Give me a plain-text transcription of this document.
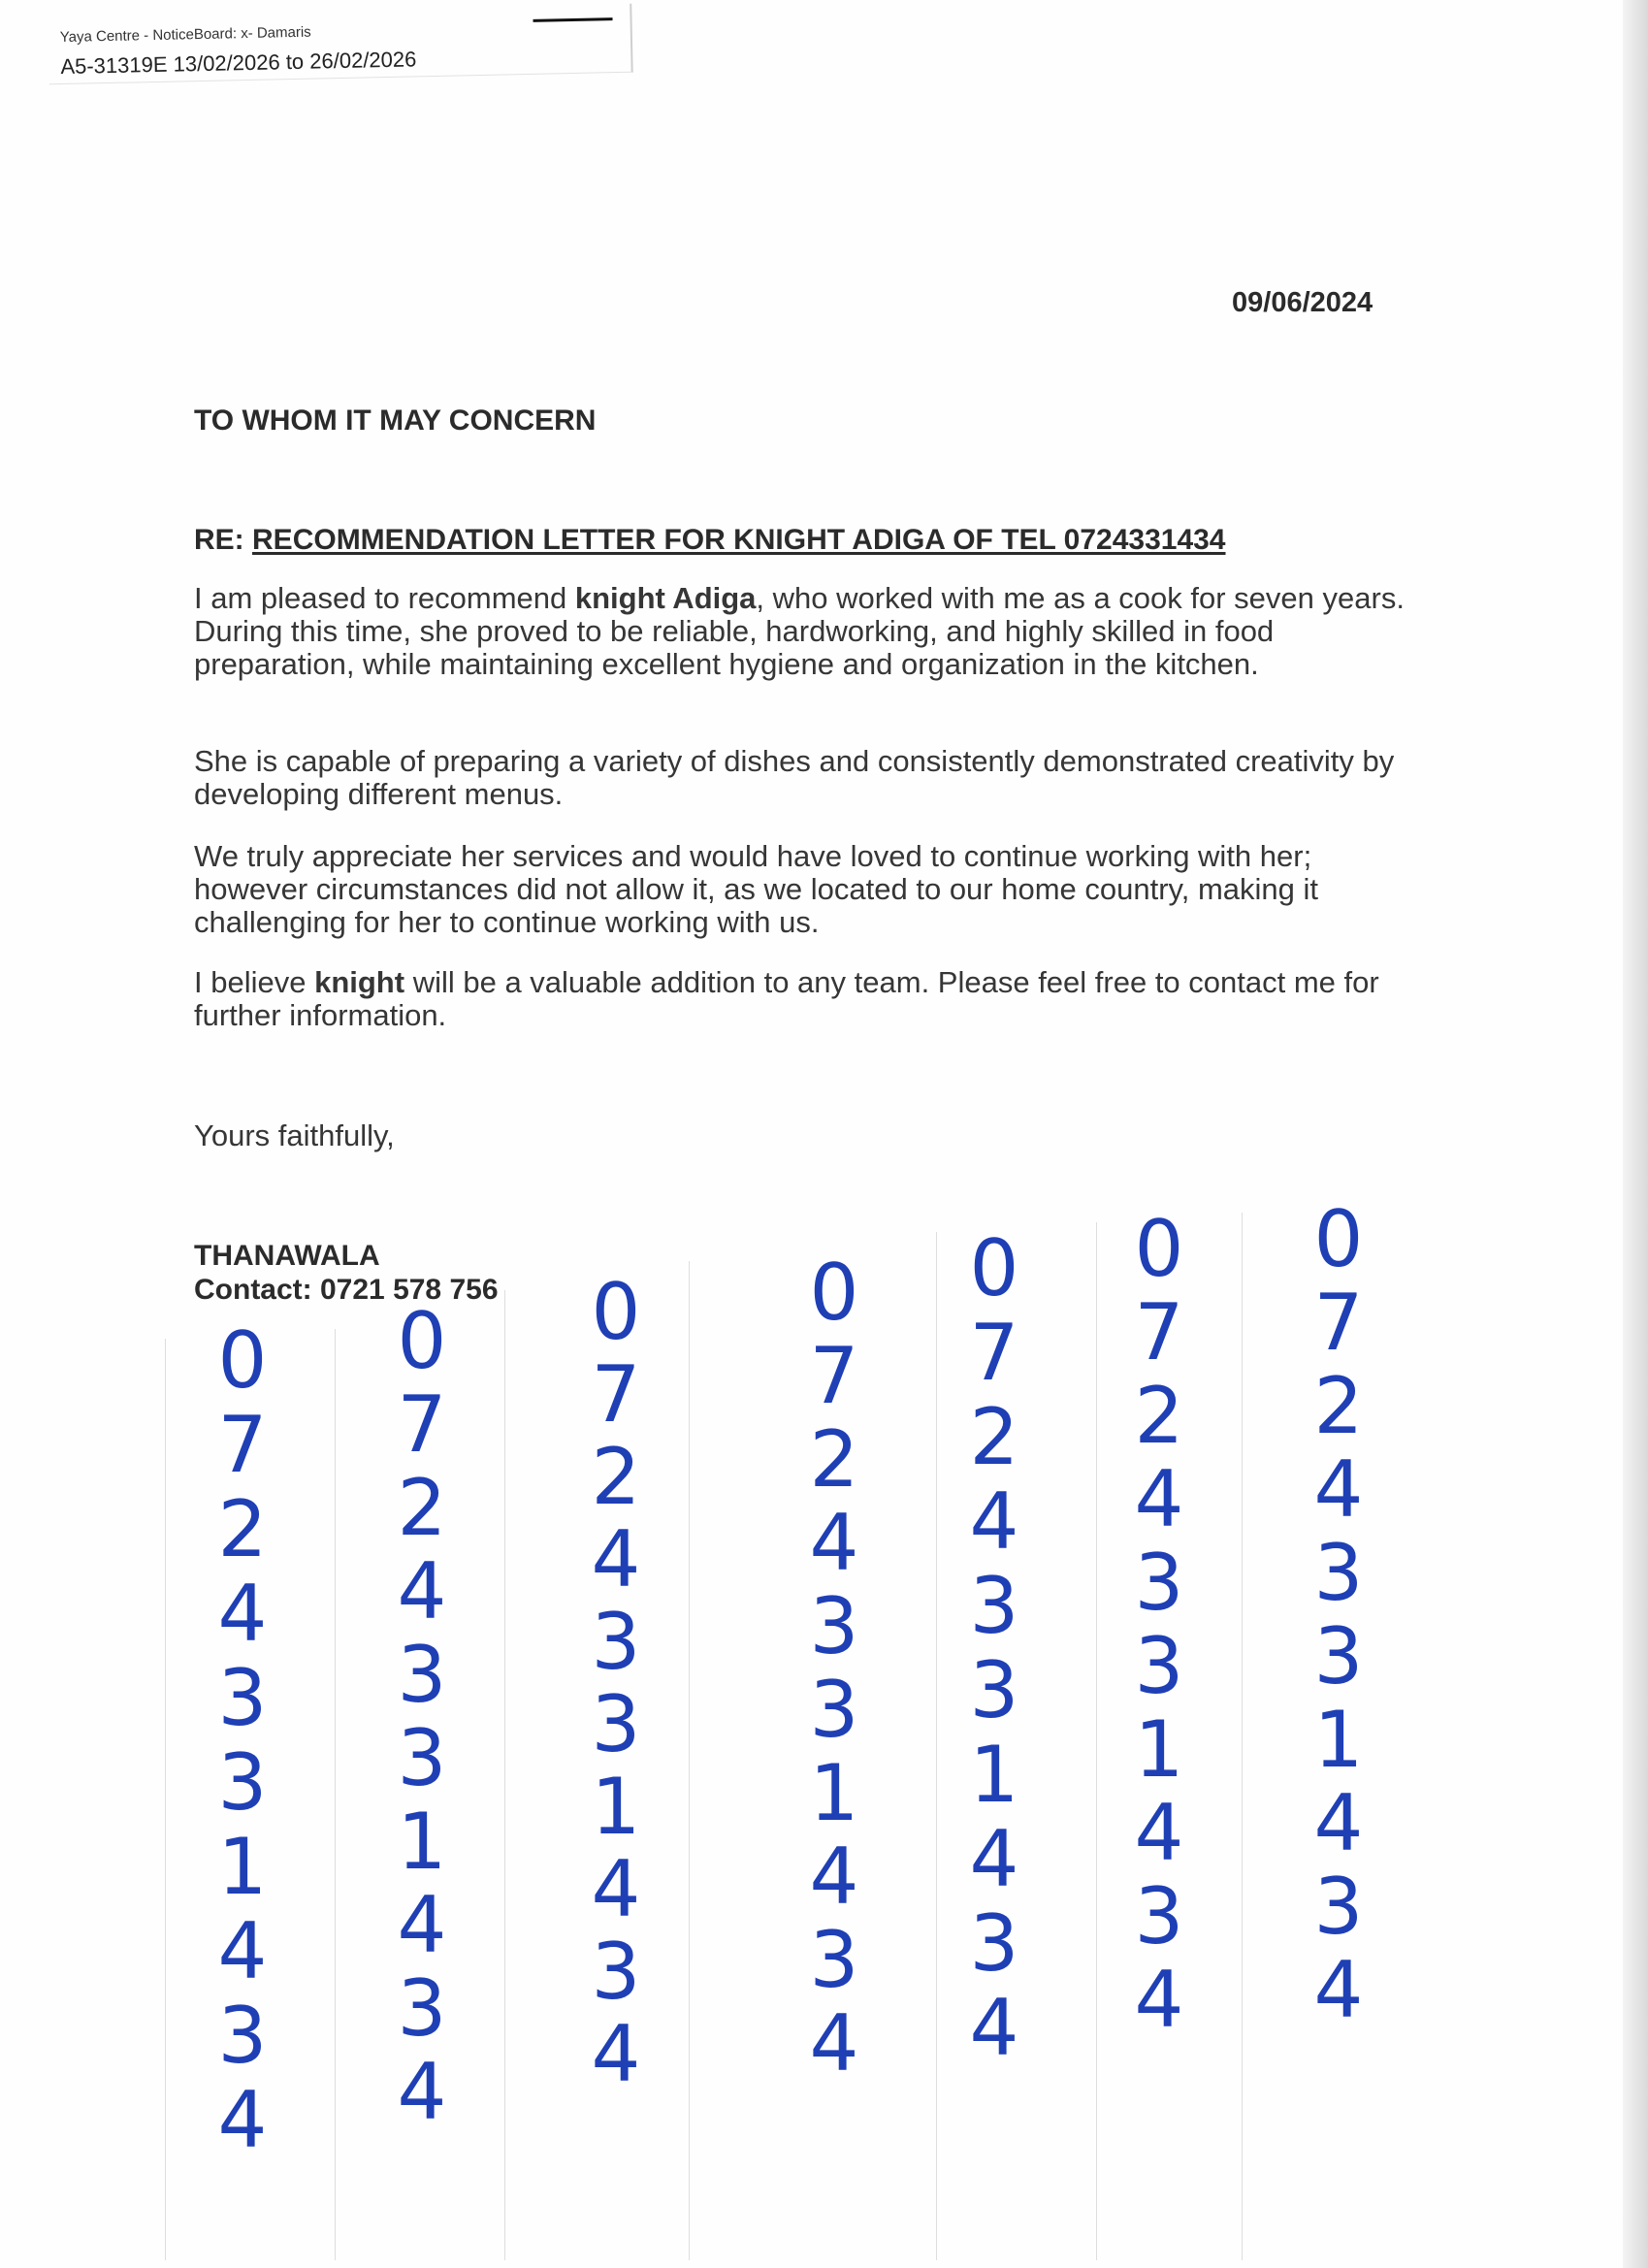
Yaya Centre - NoticeBoard: x- Damaris
A5-31319E 13/02/2026 to 26/02/2026
09/06/2024
TO WHOM IT MAY CONCERN
RE: RECOMMENDATION LETTER FOR KNIGHT ADIGA OF TEL 0724331434

I am pleased to recommend knight Adiga, who worked with me as a cook for seven years. During this time, she proved to be reliable, hardworking, and highly skilled in food preparation, while maintaining excellent hygiene and organization in the kitchen.

She is capable of preparing a variety of dishes and consistently demonstrated creativity by developing different menus.

We truly appreciate her services and would have loved to continue working with her; however circumstances did not allow it, as we located to our home country, making it challenging for her to continue working with us.

I believe knight will be a valuable addition to any team. Please feel free to contact me for further information.

Yours faithfully,
THANAWALA
Contact: 0721 578 756
0
7
2
4
3
3
1
4
3
4
0
7
2
4
3
3
1
4
3
4
0
7
2
4
3
3
1
4
3
4
0
7
2
4
3
3
1
4
3
4
0
7
2
4
3
3
1
4
3
4
0
7
2
4
3
3
1
4
3
4
0
7
2
4
3
3
1
4
3
4
